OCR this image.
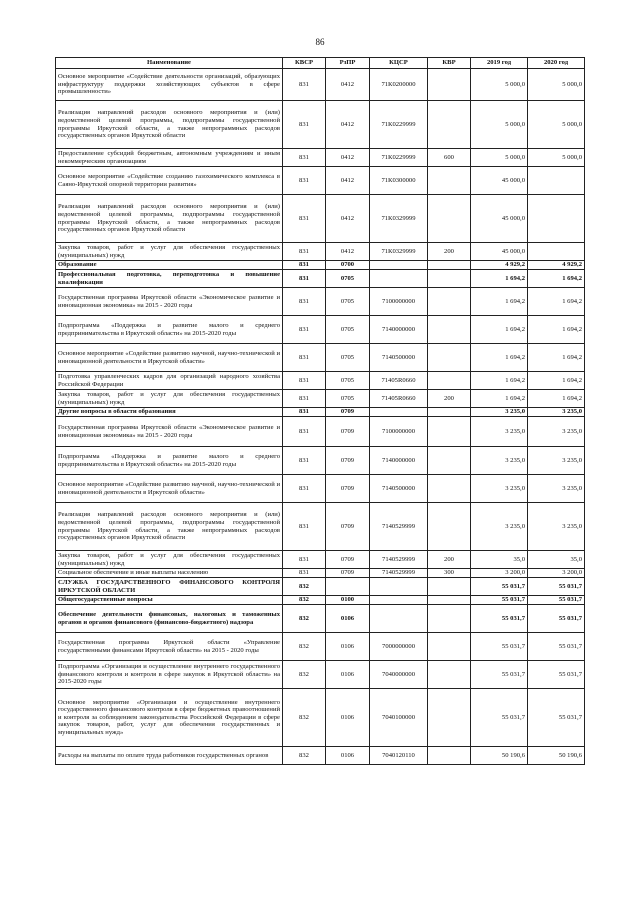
86
Наименование	КВСР	РзПР	КЦСР	КВР	2019 год	2020 год
Основное мероприятие «Содействие деятельности организаций, образующих инфраструктуру поддержки хозяйствующих субъектов в сфере промышленности»	831	0412	71К0200000		5 000,0	5 000,0
Реализация направлений расходов основного мероприятия и (или) ведомственной целевой программы, подпрограммы государственной программы Иркутской области, а также непрограммных расходов государственных органов Иркутской области	831	0412	71К0229999		5 000,0	5 000,0
Предоставление субсидий бюджетным, автономным учреждениям и иным некоммерческим организациям	831	0412	71К0229999	600	5 000,0	5 000,0
Основное мероприятие «Содействие созданию газохимического комплекса в Саяно-Иркутской опорной территории развития»	831	0412	71К0300000		45 000,0	
Реализация направлений расходов основного мероприятия и (или) ведомственной целевой программы, подпрограммы государственной программы Иркутской области, а также непрограммных расходов государственных органов Иркутской области	831	0412	71К0329999		45 000,0	
Закупка товаров, работ и услуг для обеспечения государственных (муниципальных) нужд	831	0412	71К0329999	200	45 000,0	
Образование	831	0700			4 929,2	4 929,2
Профессиональная подготовка, переподготовка и повышение квалификации	831	0705			1 694,2	1 694,2
Государственная программа Иркутской области «Экономическое развитие и инновационная экономика» на 2015 - 2020 годы	831	0705	7100000000		1 694,2	1 694,2
Подпрограмма «Поддержка и развитие малого и среднего предпринимательства в Иркутской области» на 2015-2020 годы	831	0705	7140000000		1 694,2	1 694,2
Основное мероприятие «Содействие развитию научной, научно-технической и инновационной деятельности в Иркутской области»	831	0705	7140500000		1 694,2	1 694,2
Подготовка управленческих кадров для организаций народного хозяйства Российской Федерации	831	0705	71405R0660		1 694,2	1 694,2
Закупка товаров, работ и услуг для обеспечения государственных (муниципальных) нужд	831	0705	71405R0660	200	1 694,2	1 694,2
Другие вопросы в области образования	831	0709			3 235,0	3 235,0
Государственная программа Иркутской области «Экономическое развитие и инновационная экономика» на 2015 - 2020 годы	831	0709	7100000000		3 235,0	3 235,0
Подпрограмма «Поддержка и развитие малого и среднего предпринимательства в Иркутской области» на 2015-2020 годы	831	0709	7140000000		3 235,0	3 235,0
Основное мероприятие «Содействие развитию научной, научно-технической и инновационной деятельности в Иркутской области»	831	0709	7140500000		3 235,0	3 235,0
Реализация направлений расходов основного мероприятия и (или) ведомственной целевой программы, подпрограммы государственной программы Иркутской области, а также непрограммных расходов государственных органов Иркутской области	831	0709	7140529999		3 235,0	3 235,0
Закупка товаров, работ и услуг для обеспечения государственных (муниципальных) нужд	831	0709	7140529999	200	35,0	35,0
Социальное обеспечение и иные выплаты населению	831	0709	7140529999	300	3 200,0	3 200,0
СЛУЖБА ГОСУДАРСТВЕННОГО ФИНАНСОВОГО КОНТРОЛЯ ИРКУТСКОЙ ОБЛАСТИ	832				55 031,7	55 031,7
Общегосударственные вопросы	832	0100			55 031,7	55 031,7
Обеспечение деятельности финансовых, налоговых и таможенных органов и органов финансового (финансово-бюджетного) надзора	832	0106			55 031,7	55 031,7
Государственная программа Иркутской области «Управление государственными финансами Иркутской области» на 2015 - 2020 годы	832	0106	7000000000		55 031,7	55 031,7
Подпрограмма «Организация и осуществление внутреннего государственного финансового контроля и контроля в сфере закупок в Иркутской области» на 2015-2020 годы	832	0106	7040000000		55 031,7	55 031,7
Основное мероприятие «Организация и осуществление внутреннего государственного финансового контроля в сфере бюджетных правоотношений и контроля за соблюдением законодательства Российской Федерации в сфере закупок товаров, работ, услуг для обеспечения государственных и муниципальных нужд»	832	0106	7040100000		55 031,7	55 031,7
Расходы на выплаты по оплате труда работников государственных органов	832	0106	7040120110		50 190,6	50 190,6
